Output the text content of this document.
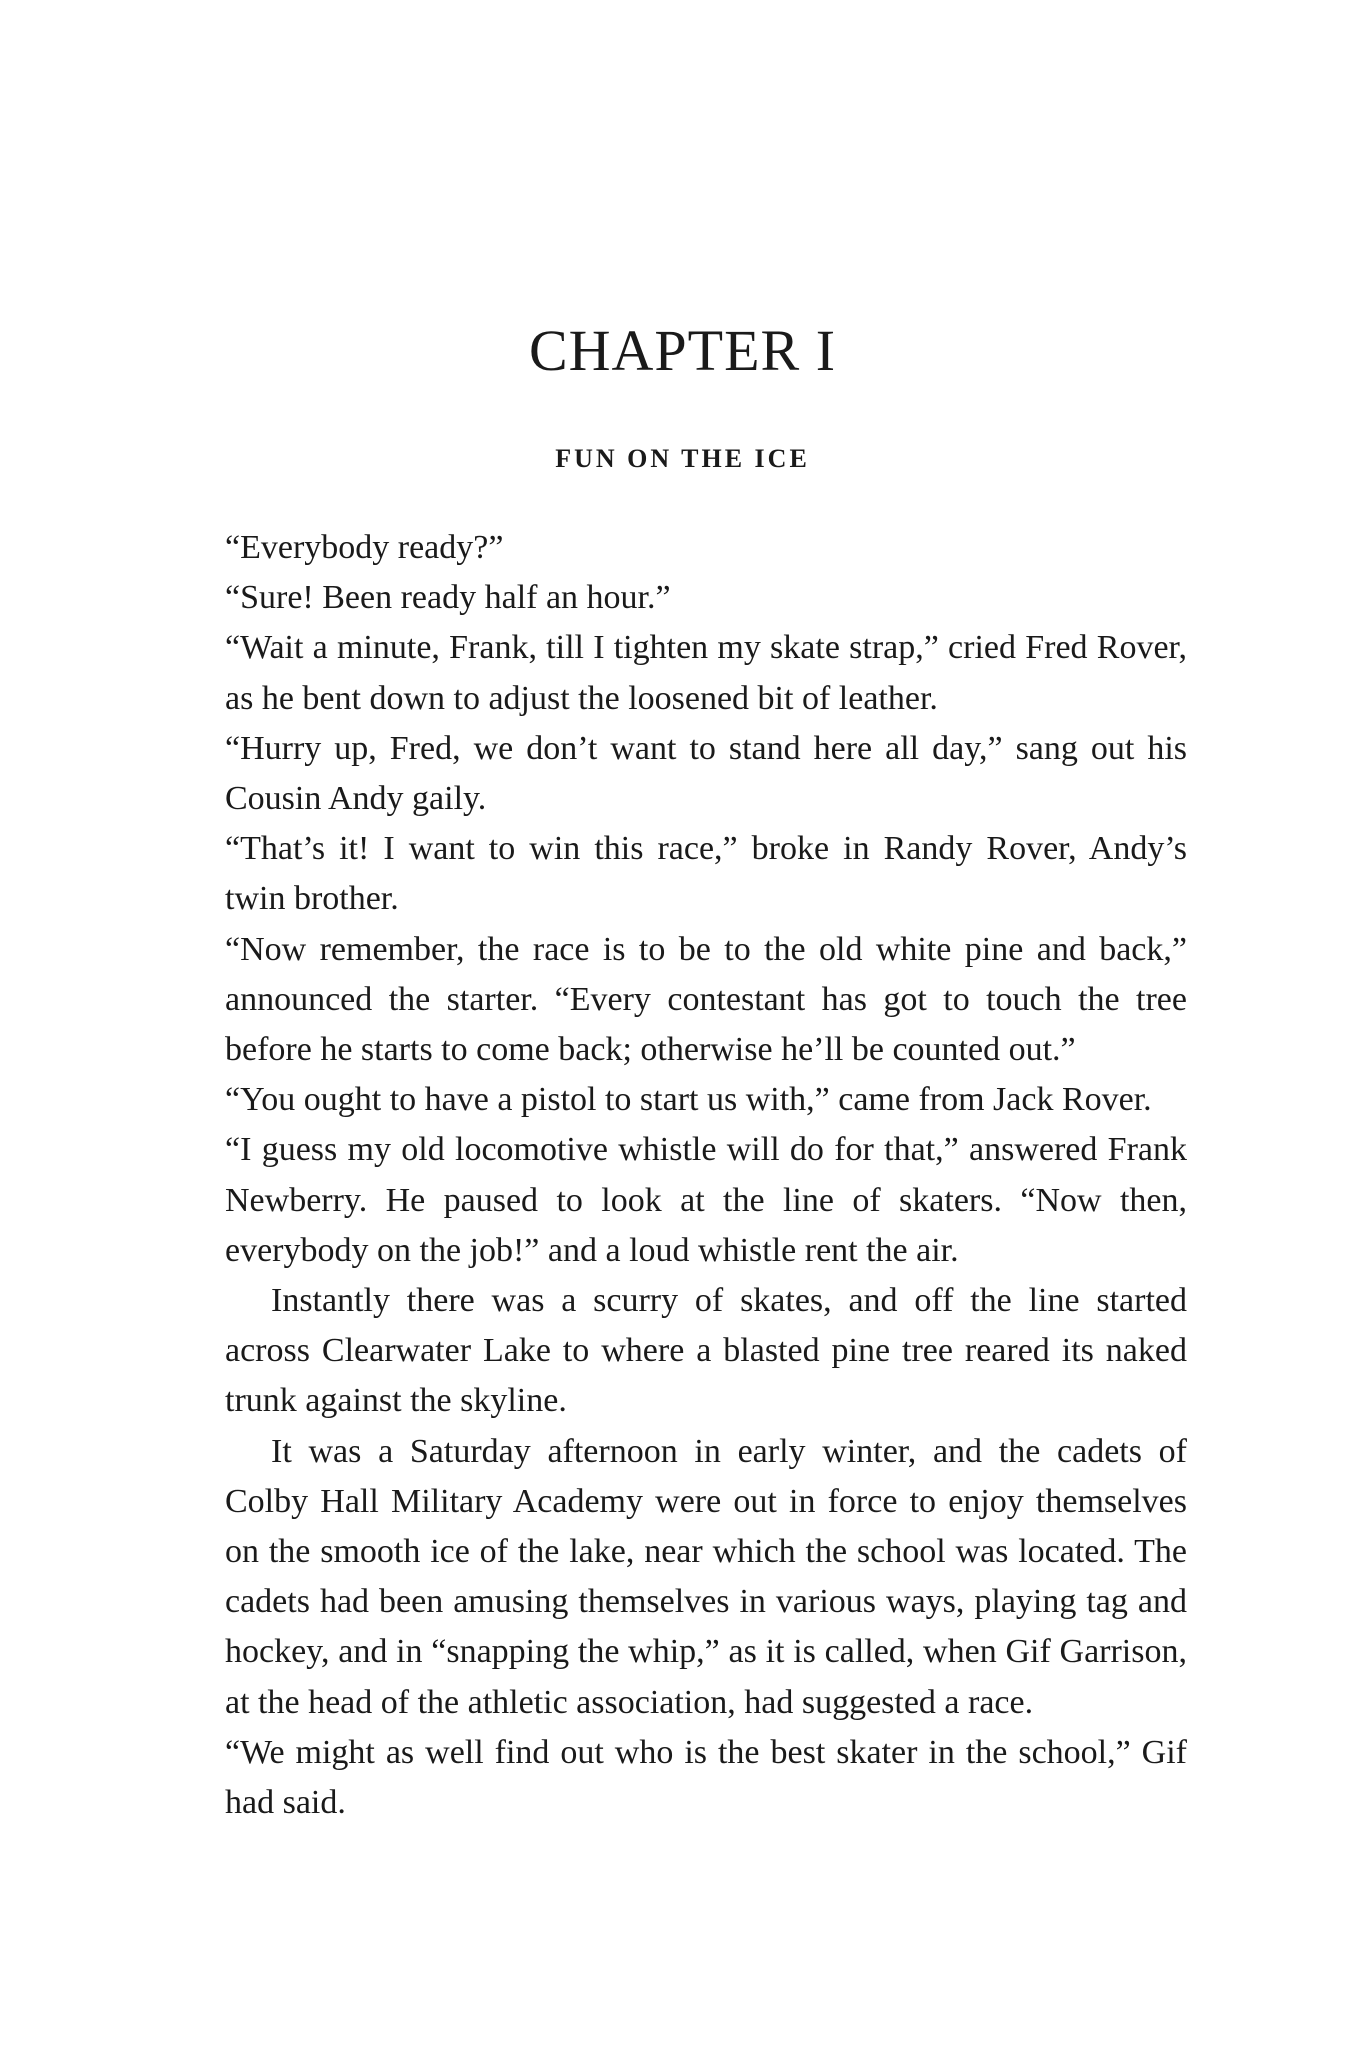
CHAPTER I
FUN ON THE ICE

“Everybody ready?”

“Sure! Been ready half an hour.”

“Wait a minute, Frank, till I tighten my skate strap,” cried Fred Rover, as he bent down to adjust the loosened bit of leather.

“Hurry up, Fred, we don’t want to stand here all day,” sang out his Cousin Andy gaily.

“That’s it! I want to win this race,” broke in Randy Rover, Andy’s twin brother.

“Now remember, the race is to be to the old white pine and back,” announced the starter. “Every contestant has got to touch the tree before he starts to come back; otherwise he’ll be counted out.”

“You ought to have a pistol to start us with,” came from Jack Rover.

“I guess my old locomotive whistle will do for that,” answered Frank Newberry. He paused to look at the line of skaters. “Now then, everybody on the job!” and a loud whistle rent the air.

Instantly there was a scurry of skates, and off the line started across Clearwater Lake to where a blasted pine tree reared its naked trunk against the skyline.

It was a Saturday afternoon in early winter, and the cadets of Colby Hall Military Academy were out in force to enjoy themselves on the smooth ice of the lake, near which the school was located. The cadets had been amusing themselves in various ways, playing tag and hockey, and in “snapping the whip,” as it is called, when Gif Garrison, at the head of the athletic association, had suggested a race.

“We might as well find out who is the best skater in the school,” Gif had said.
